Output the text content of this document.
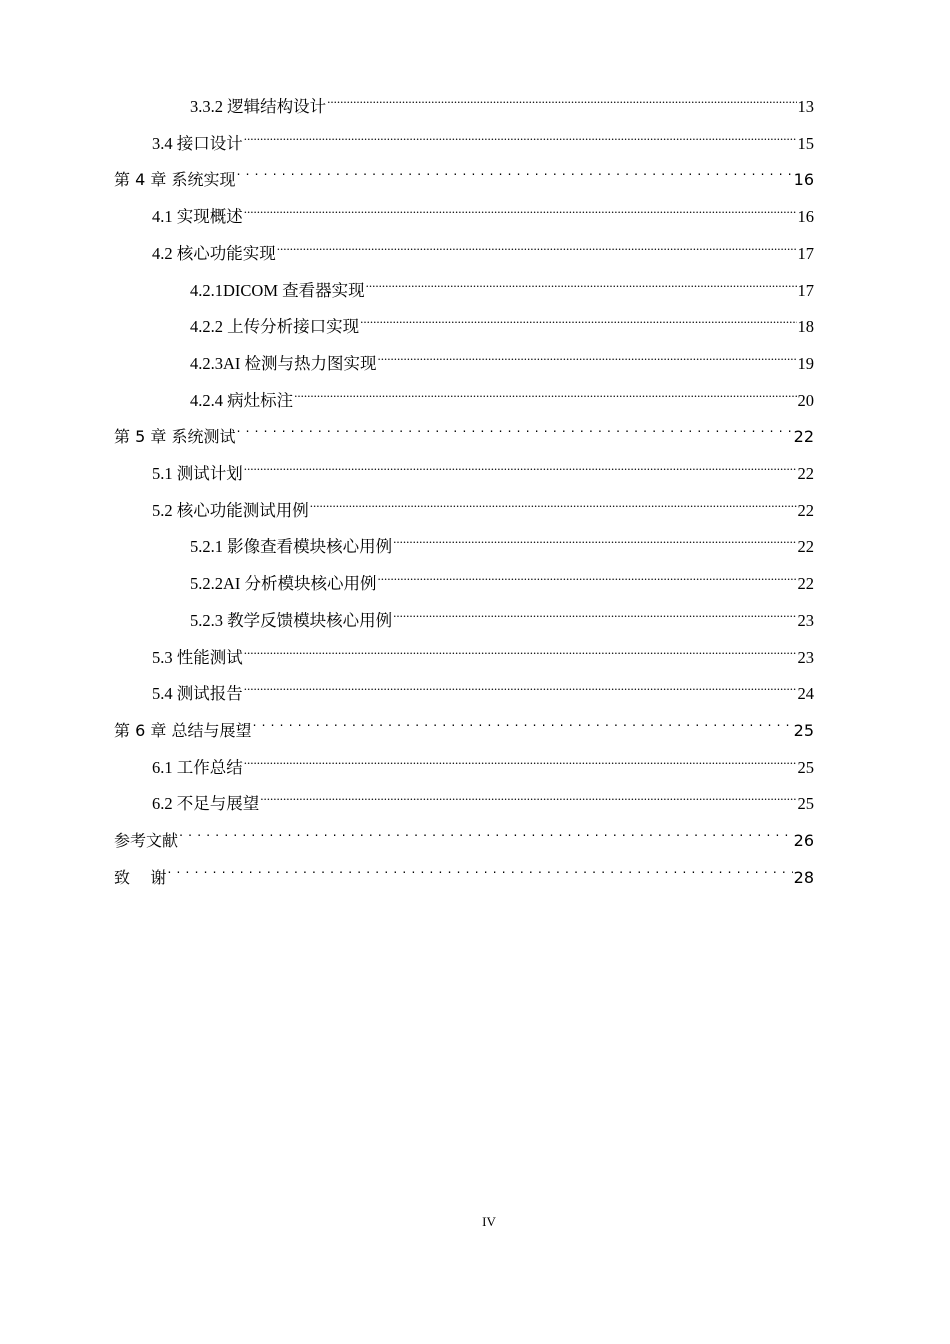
3.3.2 逻辑结构设计 .....	13
3.4 接口设计 .....	15
第 4 章 系统实现 . . .	16
4.1 实现概述 .....	16
4.2 核心功能实现 .....	17
4.2.1DICOM 查看器实现 .....	17
4.2.2 上传分析接口实现 .....	18
4.2.3AI 检测与热力图实现 .....	19
4.2.4 病灶标注 .....	20
第 5 章 系统测试 . . .	22
5.1 测试计划 .....	22
5.2 核心功能测试用例 .....	22
5.2.1 影像查看模块核心用例 .....	22
5.2.2AI 分析模块核心用例 .....	22
5.2.3 教学反馈模块核心用例 .....	23
5.3 性能测试 .....	23
5.4 测试报告 .....	24
第 6 章 总结与展望 . . .	25
6.1 工作总结 .....	25
6.2 不足与展望 .....	25
参考文献 . . .	26
致    谢 . . .	28
IV
